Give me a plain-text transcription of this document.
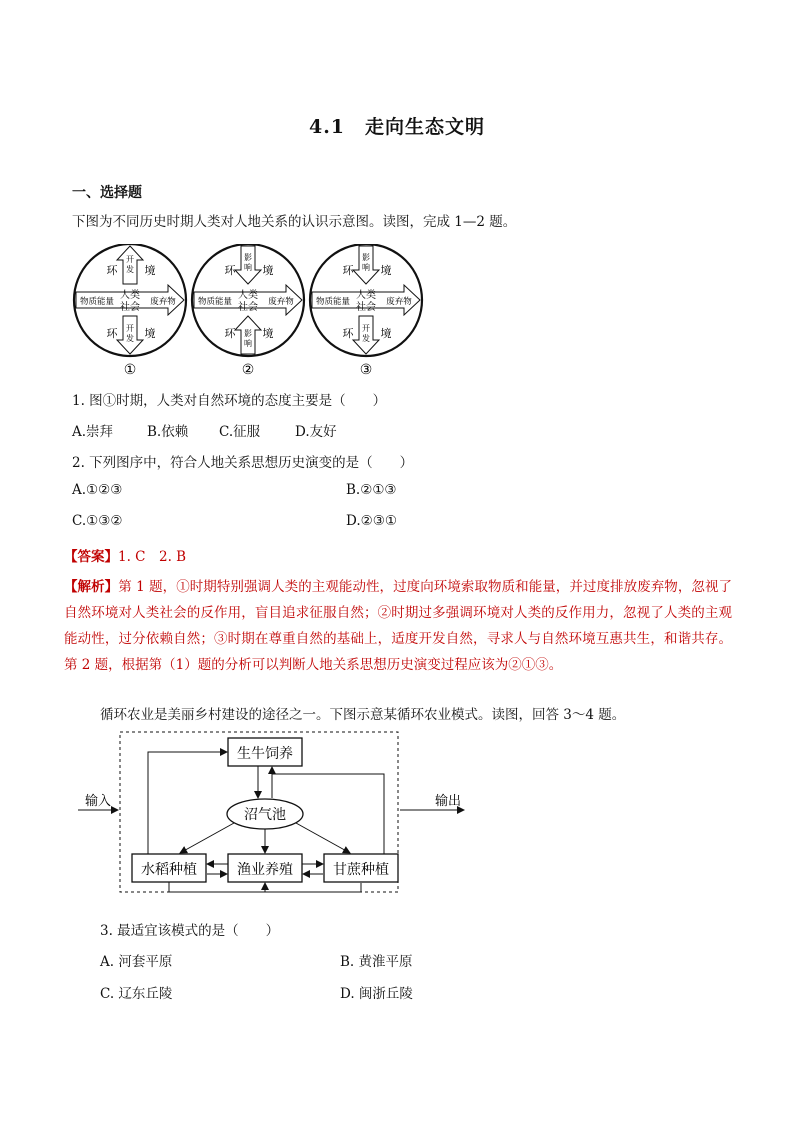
4.1　走向生态文明
一、选择题
下图为不同历史时期人类对人地关系的认识示意图。读图，完成 1—2 题。
开
发
开
发
环 境
环 境
物质能量	废弃物
人类
社会
影
响
影
响
环 境
环 境
物质能量	废弃物
人类
社会
影
响
开
发
环 境
环 境
物质能量	废弃物
人类
社会
①	②	③
1. 图①时期，人类对自然环境的态度主要是（　　）
A.崇拜	B.依赖 C.征服	D.友好
2. 下列图序中，符合人地关系思想历史演变的是（　　）
A.①②③	B.②①③
C.①③②	D.②③①
【答案】1. C　2. B
【解析】第 1 题，①时期特别强调人类的主观能动性，过度向环境索取物质和能量，并过度排放废弃物，忽视了自然环境对人类社会的反作用，盲目追求征服自然；②时期过多强调环境对人类的反作用力，忽视了人类的主观能动性，过分依赖自然；③时期在尊重自然的基础上，适度开发自然，寻求人与自然环境互惠共生，和谐共存。第 2 题，根据第（1）题的分析可以判断人地关系思想历史演变过程应该为②①③。
循环农业是美丽乡村建设的途径之一。下图示意某循环农业模式。读图，回答 3～4 题。
输入	输出
生牛饲养
沼气池
水稻种植	渔业养殖	甘蔗种植
3. 最适宜该模式的是（　　）
A. 河套平原	B. 黄淮平原
C. 辽东丘陵	D. 闽浙丘陵
